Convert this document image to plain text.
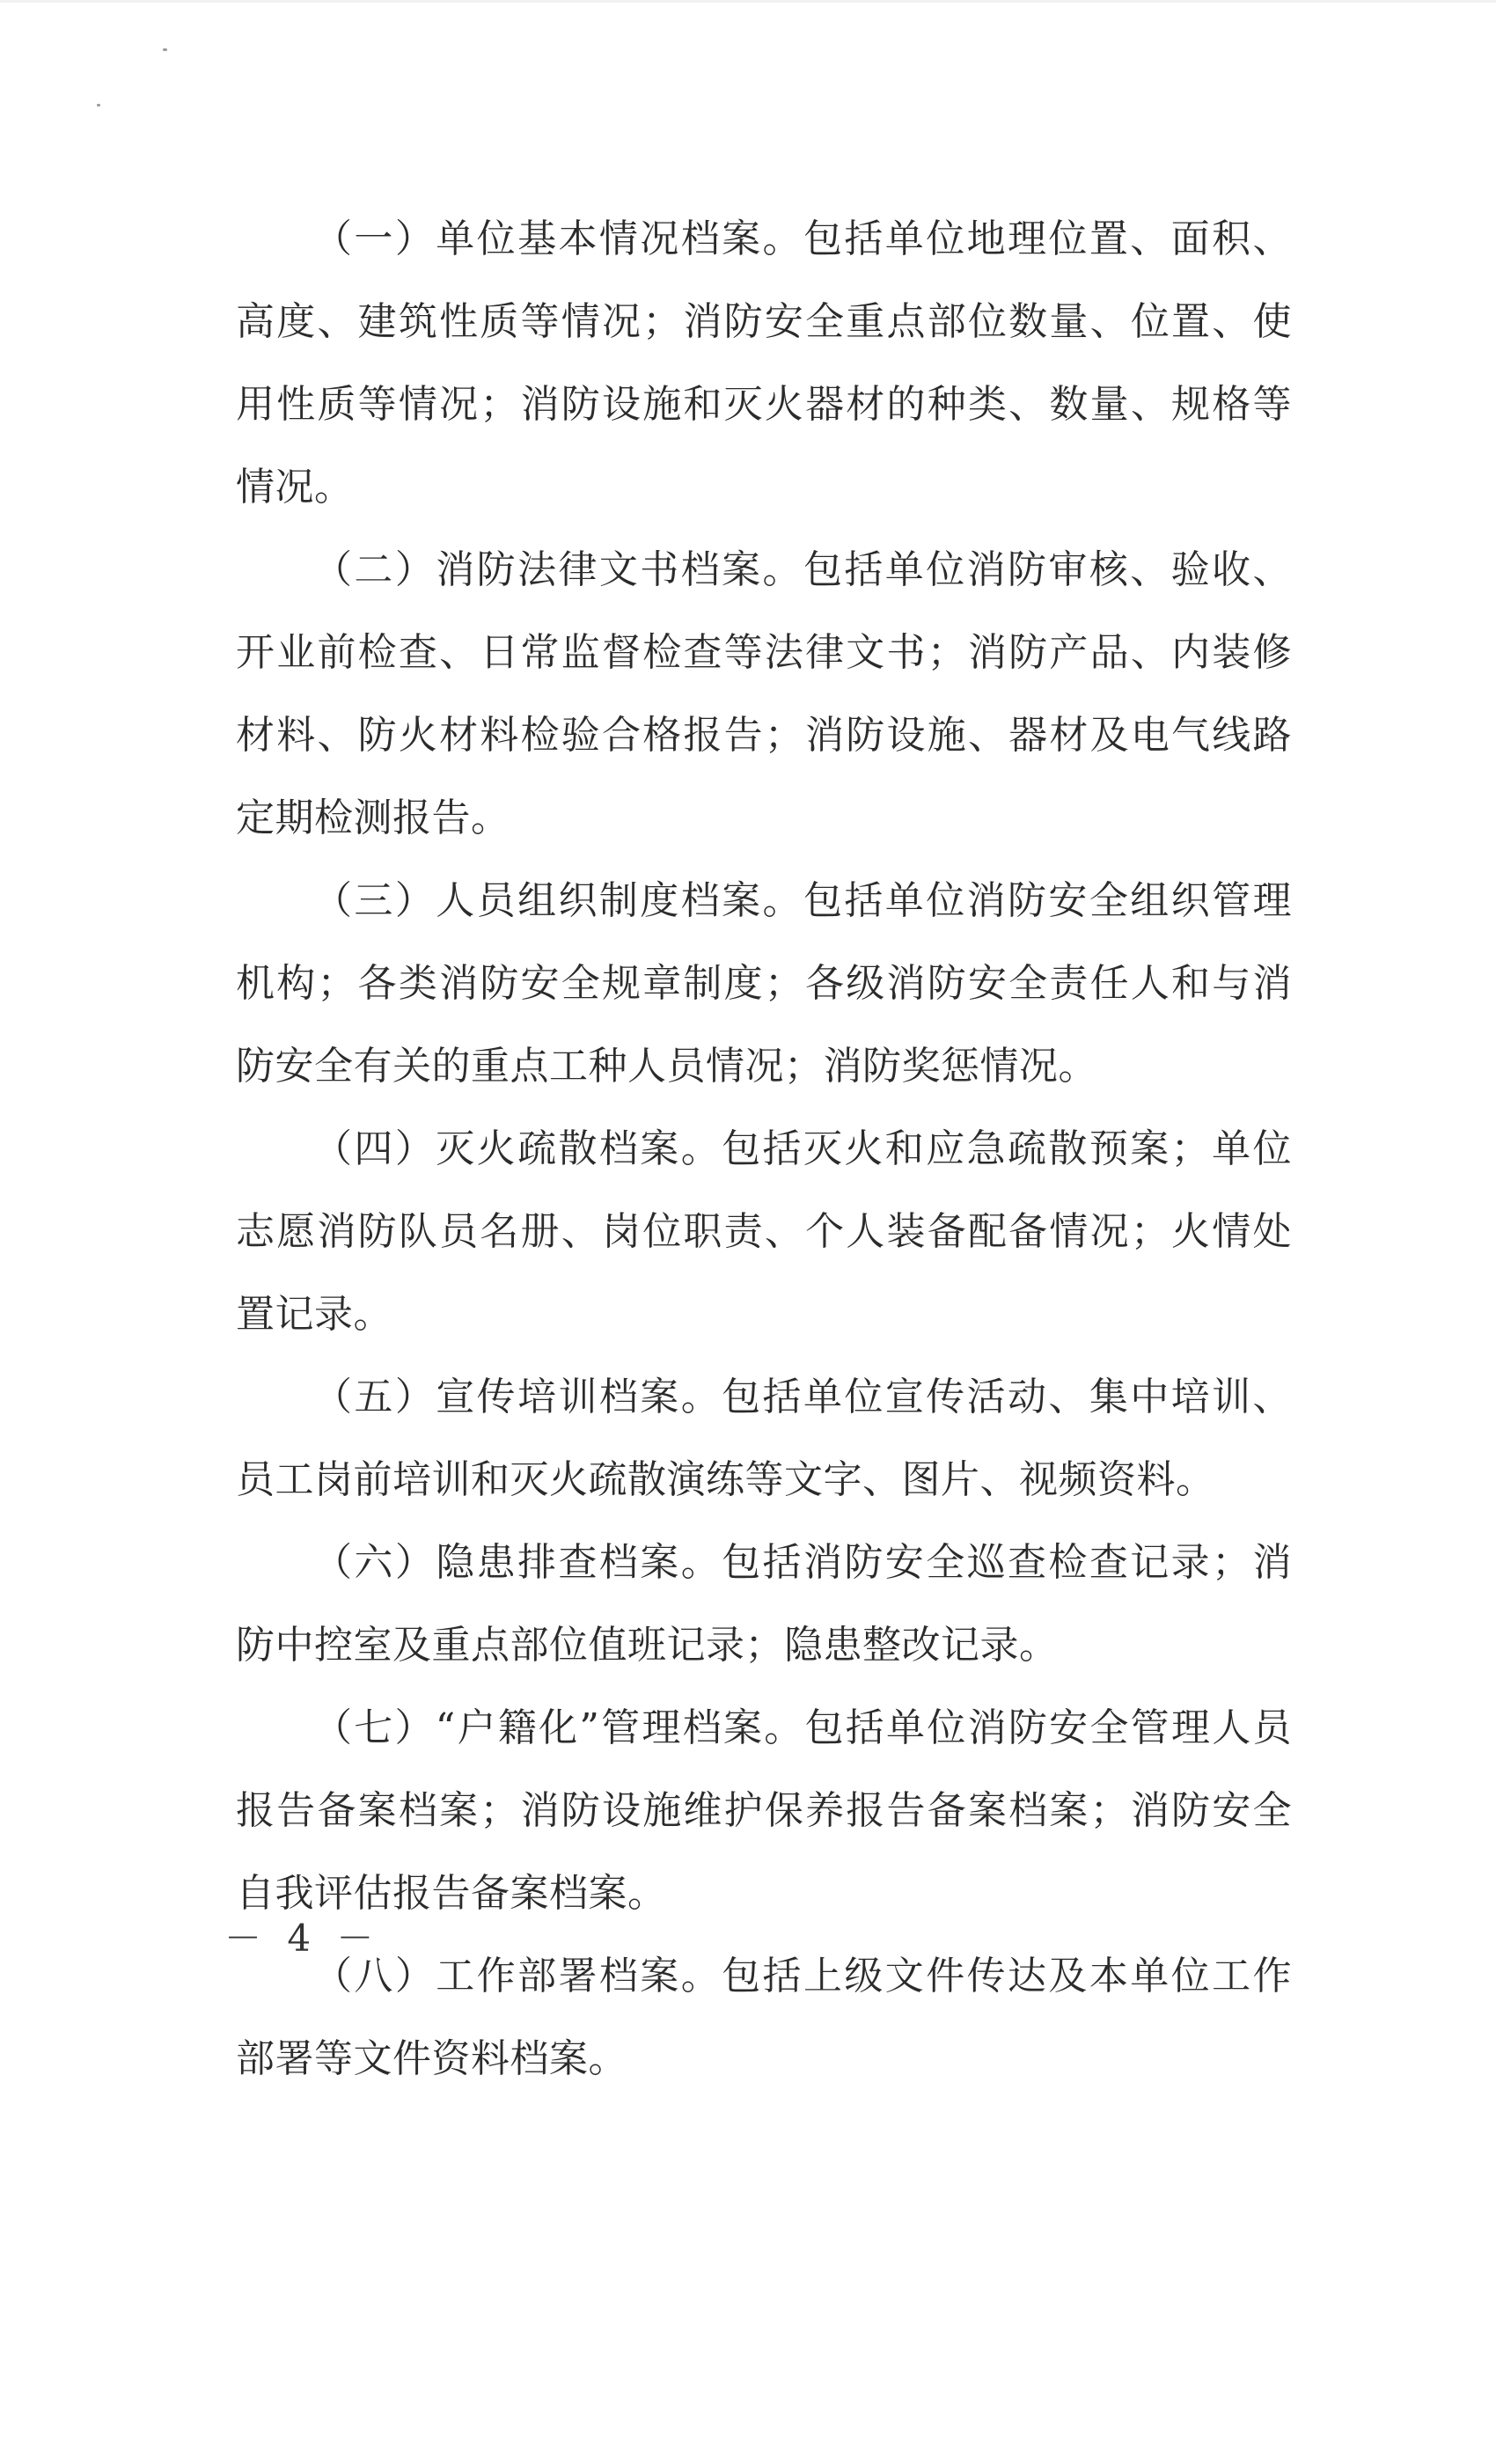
（一）单位基本情况档案。包括单位地理位置、面积、高度、建筑性质等情况；消防安全重点部位数量、位置、使用性质等情况；消防设施和灭火器材的种类、数量、规格等情况。

（二）消防法律文书档案。包括单位消防审核、验收、开业前检查、日常监督检查等法律文书；消防产品、内装修材料、防火材料检验合格报告；消防设施、器材及电气线路定期检测报告。

（三）人员组织制度档案。包括单位消防安全组织管理机构；各类消防安全规章制度；各级消防安全责任人和与消防安全有关的重点工种人员情况；消防奖惩情况。

（四）灭火疏散档案。包括灭火和应急疏散预案；单位志愿消防队员名册、岗位职责、个人装备配备情况；火情处置记录。

（五）宣传培训档案。包括单位宣传活动、集中培训、员工岗前培训和灭火疏散演练等文字、图片、视频资料。

（六）隐患排查档案。包括消防安全巡查检查记录；消防中控室及重点部位值班记录；隐患整改记录。

（七）“户籍化”管理档案。包括单位消防安全管理人员报告备案档案；消防设施维护保养报告备案档案；消防安全自我评估报告备案档案。

（八）工作部署档案。包括上级文件传达及本单位工作部署等文件资料档案。

－ 4 －
